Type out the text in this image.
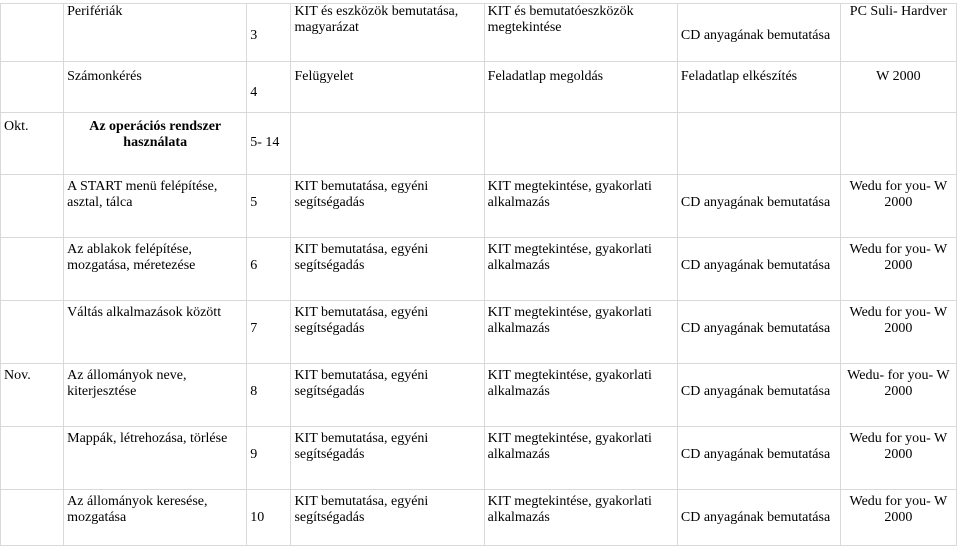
	Perifériák	3	KIT és eszközök bemutatása, magyarázat	KIT és bemutatóeszközök megtekintése	CD anyagának bemutatása	PC Suli- Hardver
	Számonkérés	4	Felügyelet	Feladatlap megoldás	Feladatlap elkészítés	W 2000
Okt.	Az operációs rendszer használata	5- 14				
	A START menü felépítése, asztal, tálca	5	KIT bemutatása, egyéni segítségadás	KIT megtekintése, gyakorlati alkalmazás	CD anyagának bemutatása	Wedu for you- W 2000
	Az ablakok felépítése, mozgatása, méretezése	6	KIT bemutatása, egyéni segítségadás	KIT megtekintése, gyakorlati alkalmazás	CD anyagának bemutatása	Wedu for you- W 2000
	Váltás alkalmazások között	7	KIT bemutatása, egyéni segítségadás	KIT megtekintése, gyakorlati alkalmazás	CD anyagának bemutatása	Wedu for you- W 2000
Nov.	Az állományok neve, kiterjesztése	8	KIT bemutatása, egyéni segítségadás	KIT megtekintése, gyakorlati alkalmazás	CD anyagának bemutatása	Wedu- for you- W 2000
	Mappák, létrehozása, törlése	9	KIT bemutatása, egyéni segítségadás	KIT megtekintése, gyakorlati alkalmazás	CD anyagának bemutatása	Wedu for you- W 2000
	Az állományok keresése, mozgatása	10	KIT bemutatása, egyéni segítségadás	KIT megtekintése, gyakorlati alkalmazás	CD anyagának bemutatása	Wedu for you- W 2000
